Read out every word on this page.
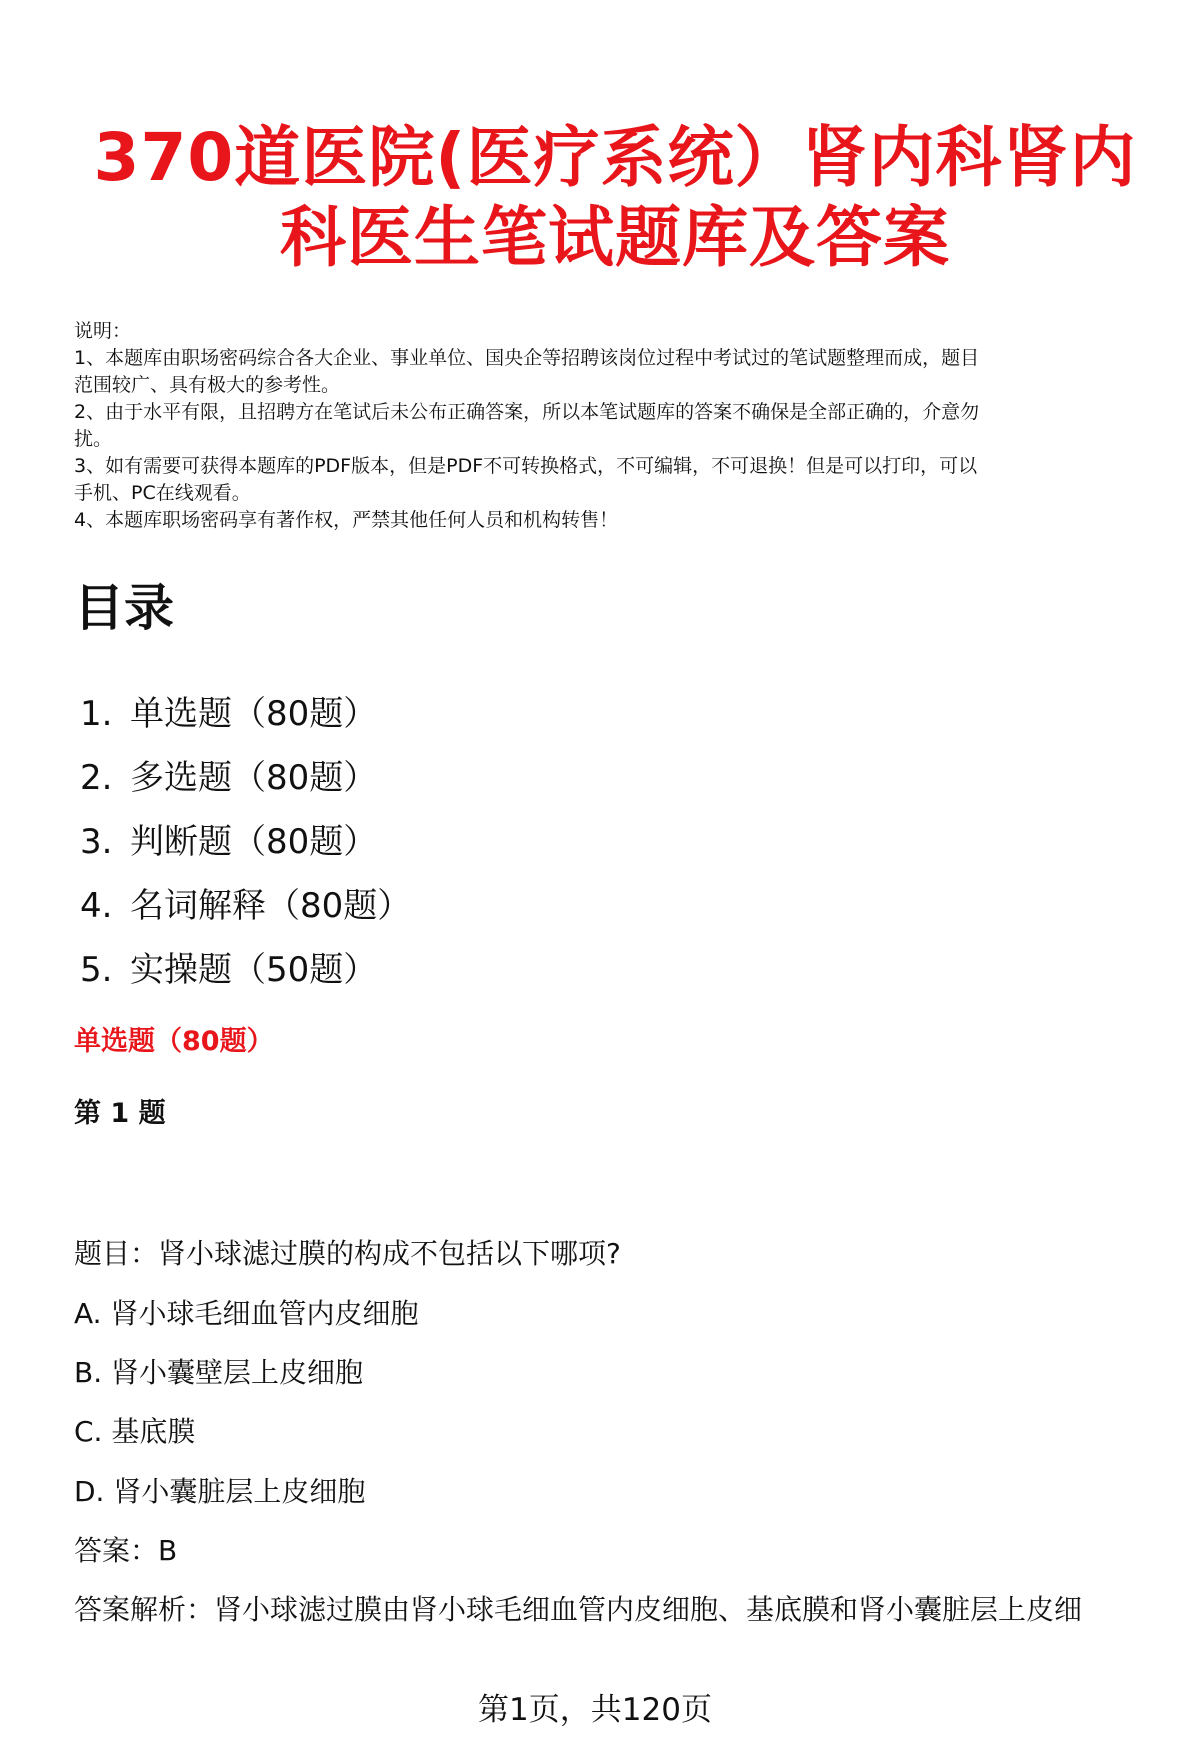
370道医院(医疗系统）肾内科肾内
科医生笔试题库及答案
说明：
1、本题库由职场密码综合各大企业、事业单位、国央企等招聘该岗位过程中考试过的笔试题整理而成，题目
范围较广、具有极大的参考性。
2、由于水平有限，且招聘方在笔试后未公布正确答案，所以本笔试题库的答案不确保是全部正确的，介意勿
扰。
3、如有需要可获得本题库的PDF版本，但是PDF不可转换格式，不可编辑，不可退换！但是可以打印，可以
手机、PC在线观看。
4、本题库职场密码享有著作权，严禁其他任何人员和机构转售！
目录
1. 单选题（80题）
2. 多选题（80题）
3. 判断题（80题）
4. 名词解释（80题）
5. 实操题（50题）
单选题（80题）
第 1 题
题目：肾小球滤过膜的构成不包括以下哪项?
A. 肾小球毛细血管内皮细胞
B. 肾小囊壁层上皮细胞
C. 基底膜
D. 肾小囊脏层上皮细胞
答案：B
答案解析：肾小球滤过膜由肾小球毛细血管内皮细胞、基底膜和肾小囊脏层上皮细
第1页，共120页
